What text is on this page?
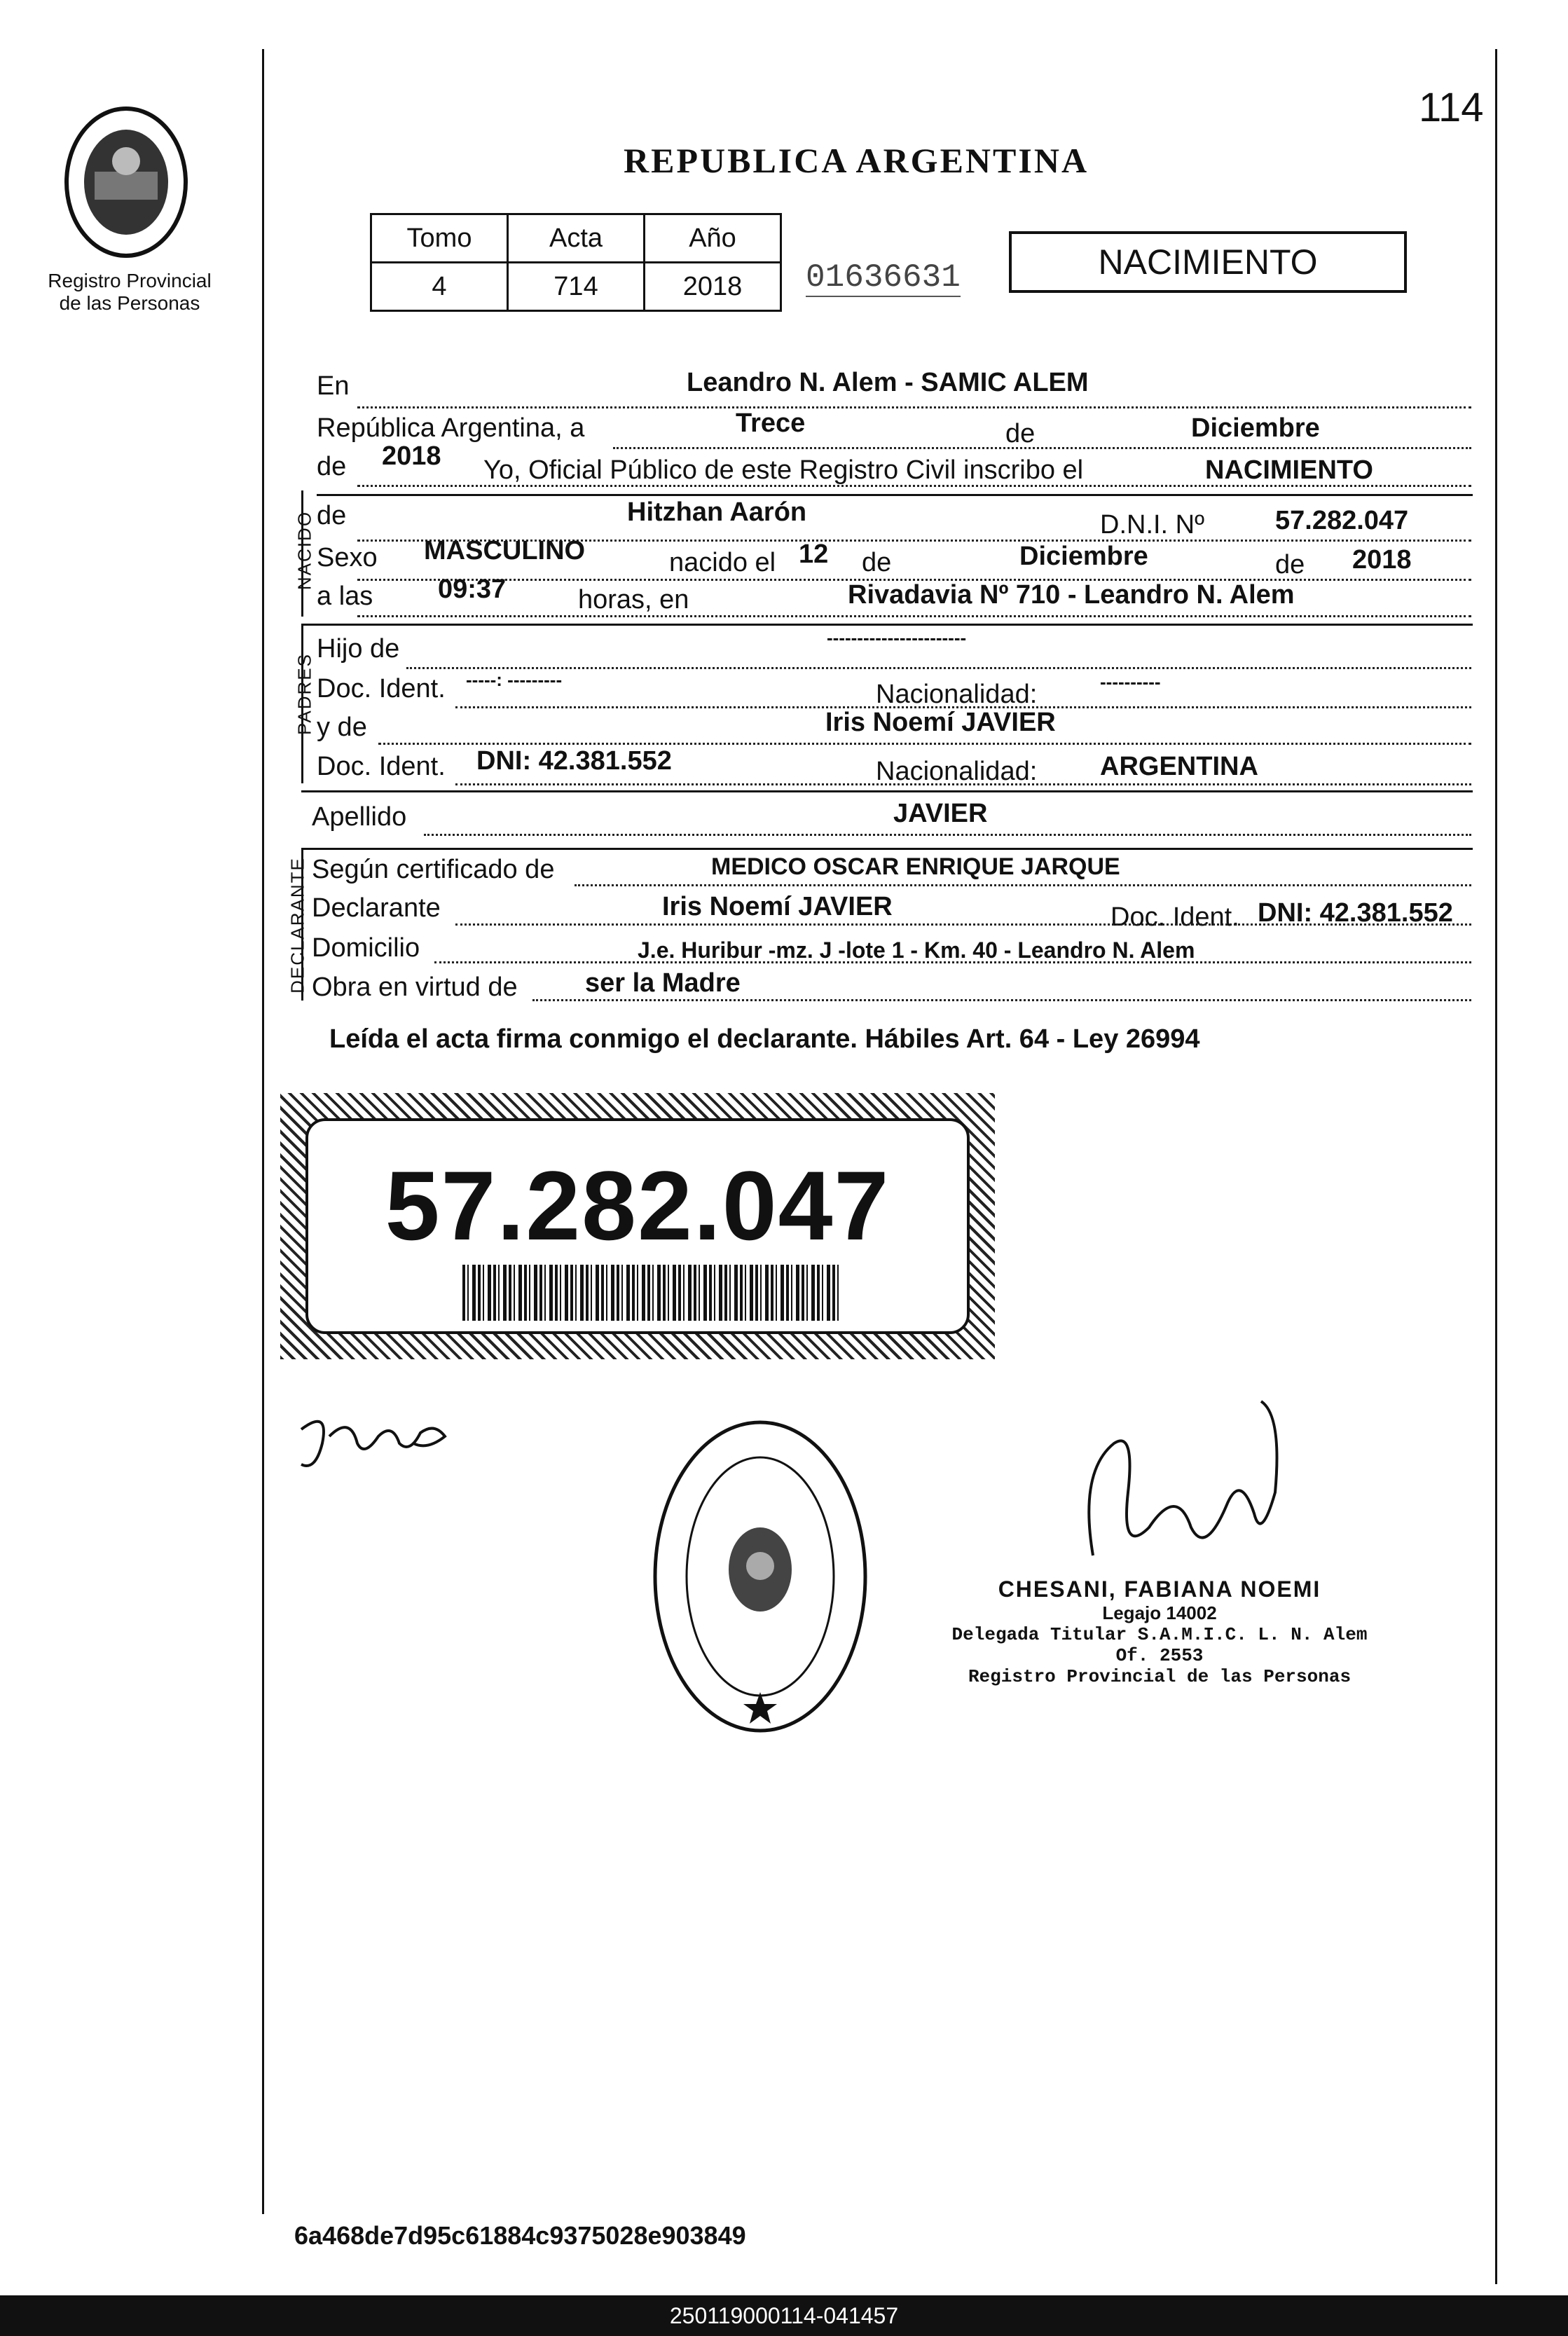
114
Registro Provincial
de las Personas
REPUBLICA ARGENTINA
Tomo	Acta	Año
4	714	2018 01636631	NACIMIENTO
En	Leandro N. Alem - SAMIC ALEM
República Argentina, a	Trece	de	Diciembre
de 2018 Yo, Oficial Público de este Registro Civil inscribo el	NACIMIENTO
NACIDO de	Hitzhan Aarón	D.N.I. Nº	57.282.047
Sexo MASCULINO	nacido el 12 de	Diciembre	de 2018
a las 09:37	horas, en	Rivadavia Nº 710 - Leandro N. Alem
PADRES
Hijo de	-----------------------
Doc. Ident. -----: ---------	Nacionalidad:	----------
y de	Iris Noemí JAVIER
Doc. Ident. DNI: 42.381.552	Nacionalidad: ARGENTINA
Apellido	JAVIER
DECLARANTE Según certificado de	MEDICO OSCAR ENRIQUE JARQUE
Declarante	Iris Noemí JAVIER	Doc. Ident. DNI: 42.381.552
Domicilio	J.e. Huribur -mz. J -lote 1 - Km. 40 - Leandro N. Alem
Obra en virtud de	ser la Madre
Leída el acta firma conmigo el declarante. Hábiles Art. 64 - Ley 26994
57.282.047
CHESANI, FABIANA NOEMI
Legajo 14002
Delegada Titular S.A.M.I.C. L. N. Alem Of. 2553
Registro Provincial de las Personas
6a468de7d95c61884c9375028e903849
250119000114-041457
